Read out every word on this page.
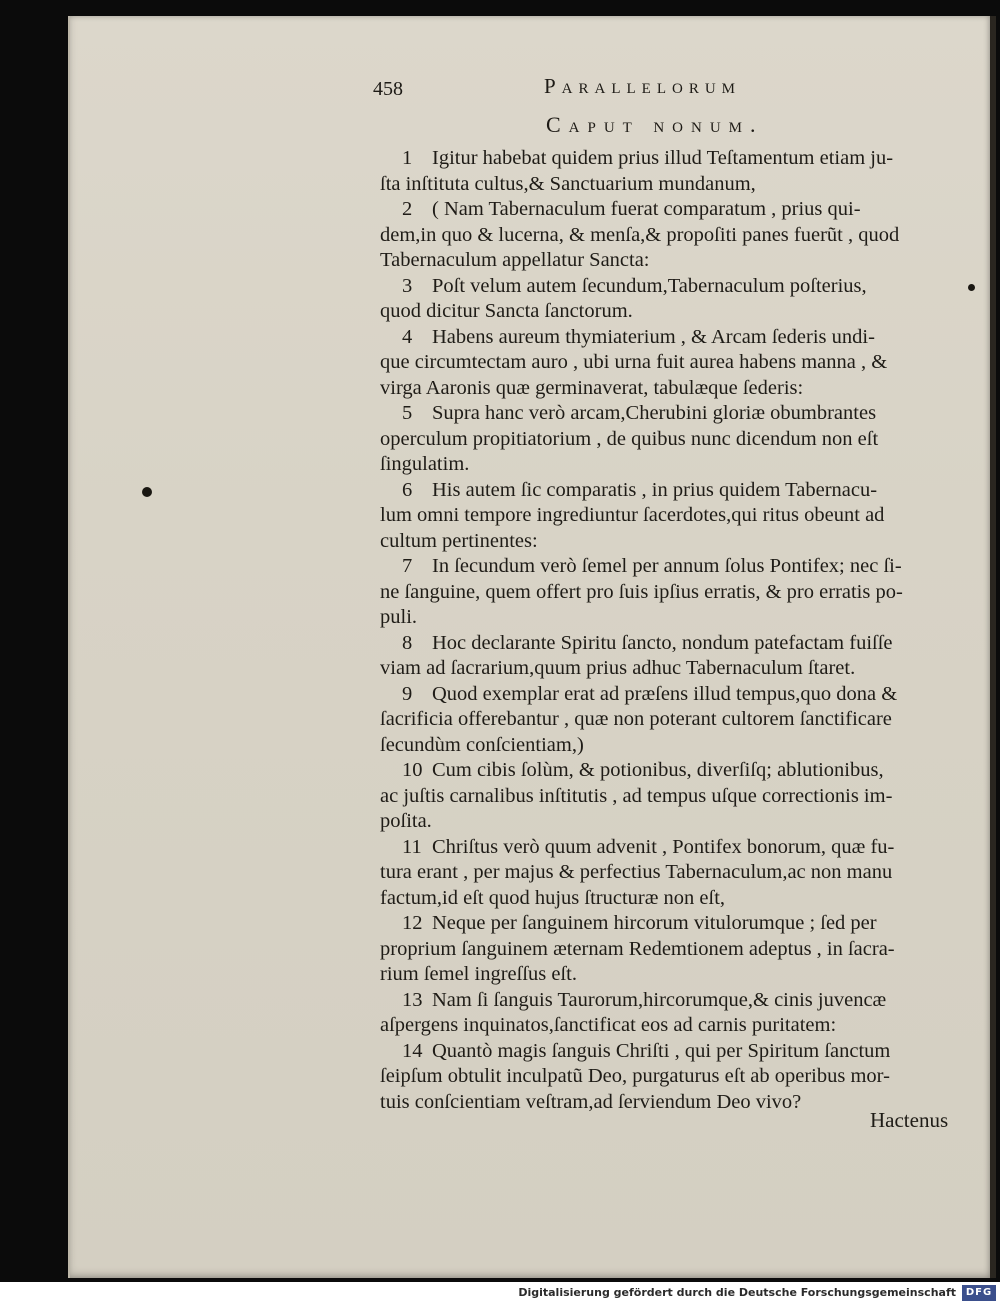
458	Parallelorum
Caput nonum.
1 Igitur habebat quidem prius illud Teſtamentum etiam ju-
ſta inſtituta cultus,& Sanctuarium mundanum,
2 ( Nam Tabernaculum fuerat comparatum , prius qui-
dem,in quo & lucerna, & menſa,& propoſiti panes fuerũt , quod
Tabernaculum appellatur Sancta:
3 Poſt velum autem ſecundum,Tabernaculum poſterius,
quod dicitur Sancta ſanctorum.
4 Habens aureum thymiaterium , & Arcam ſederis undi-
que circumtectam auro , ubi urna fuit aurea habens manna , &
virga Aaronis quæ germinaverat, tabulæque ſederis:
5 Supra hanc verò arcam,Cherubini gloriæ obumbrantes
operculum propitiatorium , de quibus nunc dicendum non eſt
ſingulatim.
6 His autem ſic comparatis , in prius quidem Tabernacu-
lum omni tempore ingrediuntur ſacerdotes,qui ritus obeunt ad
cultum pertinentes:
7 In ſecundum verò ſemel per annum ſolus Pontifex; nec ſi-
ne ſanguine, quem offert pro ſuis ipſius erratis, & pro erratis po-
puli.
8 Hoc declarante Spiritu ſancto, nondum patefactam fuiſſe
viam ad ſacrarium,quum prius adhuc Tabernaculum ſtaret.
9 Quod exemplar erat ad præſens illud tempus,quo dona &
ſacrificia offerebantur , quæ non poterant cultorem ſanctificare
ſecundùm conſcientiam,)
10 Cum cibis ſolùm, & potionibus, diverſiſq; ablutionibus,
ac juſtis carnalibus inſtitutis , ad tempus uſque correctionis im-
poſita.
11 Chriſtus verò quum advenit , Pontifex bonorum, quæ fu-
tura erant , per majus & perfectius Tabernaculum,ac non manu
factum,id eſt quod hujus ſtructuræ non eſt,
12 Neque per ſanguinem hircorum vitulorumque ; ſed per
proprium ſanguinem æternam Redemtionem adeptus , in ſacra-
rium ſemel ingreſſus eſt.
13 Nam ſi ſanguis Taurorum,hircorumque,& cinis juvencæ
aſpergens inquinatos,ſanctificat eos ad carnis puritatem:
14 Quantò magis ſanguis Chriſti , qui per Spiritum ſanctum
ſeipſum obtulit inculpatũ Deo, purgaturus eſt ab operibus mor-
tuis conſcientiam veſtram,ad ſerviendum Deo vivo?
Hactenus
Digitalisierung gefördert durch die Deutsche Forschungsgemeinschaft DFG
